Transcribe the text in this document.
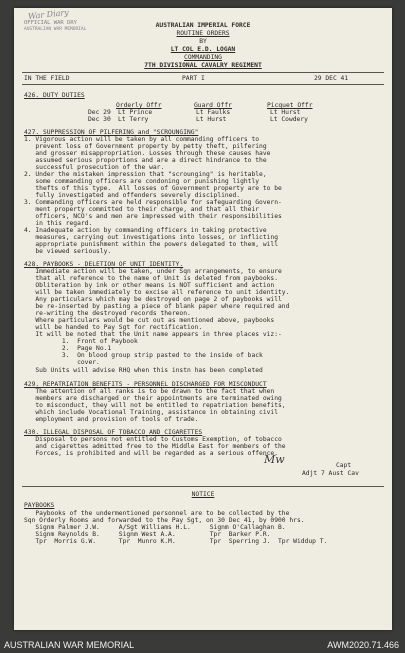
War Diary
OFFICIAL WAR DRY
AUSTRALIAN WAR MEMORIAL
AUSTRALIAN IMPERIAL FORCE
ROUTINE ORDERS
BY
LT COL E.D. LOGAN
COMMANDING
7TH DIVISIONAL CAVALRY REGIMENT
IN THE FIELD	PART I	29 DEC 41
426. DUTY DUTIES
Orderly Offr	Guard Offr	Picquet Offr
Dec 29 Lt Prince	Lt Faulks	Lt Hurst
Dec 30 Lt Terry	Lt Hurst	Lt Cowdery
427. SUPPRESSION OF PILFERING and "SCROUNGING"
1. Vigorous action will be taken by all commanding officers to
prevent loss of Government property by petty theft, pilfering
and grosser misappropriation. Losses through these causes have
assumed serious proportions and are a direct hindrance to the
successful prosecution of the war.
2. Under the mistaken impression that "scrounging" is heritable,
some commanding officers are condoning or punishing lightly
thefts of this type.  All losses of Government property are to be
fully investigated and offenders severely disciplined.
3. Commanding officers are held responsible for safeguarding Govern-
ment property committed to their charge, and that all their
officers, NCO's and men are impressed with their responsibilities
in this regard.
4. Inadequate action by commanding officers in taking protective
measures, carrying out investigations into losses, or inflicting
appropriate punishment within the powers delegated to them, will
be viewed seriously.
428. PAYBOOKS - DELETION OF UNIT IDENTITY.
Immediate action will be taken, under Sqn arrangements, to ensure
that all reference to the name of Unit is deleted from paybooks.
Obliteration by ink or other means is NOT sufficient and action
will be taken immediately to excise all reference to unit identity.
Any particulars which may be destroyed on page 2 of paybooks will
be re-inserted by pasting a piece of blank paper where required and
re-writing the destroyed records thereon.
Where particulars would be cut out as mentioned above, paybooks
will be handed to Pay Sgt for rectification.
It will be noted that the Unit name appears in three places viz:-
1.  Front of Paybook
2.  Page No.1
3.  On blood group strip pasted to the inside of back
cover.
Sub Units will advise RHQ when this instn has been completed
429. REPATRIATION BENEFITS - PERSONNEL DISCHARGED FOR MISCONDUCT
The attention of all ranks is to be drawn to the fact that when
members are discharged or their appointments are terminated owing
to misconduct, they will not be entitled to repatriation benefits,
which include Vocational Training, assistance in obtaining civil
employment and provision of tools of trade.
430. ILLEGAL DISPOSAL OF TOBACCO AND CIGARETTES
Disposal to persons not entitled to Customs Exemption, of tobacco
and cigarettes admitted free to the Middle East for members of the
Forces, is prohibited and will be regarded as a serious offence.
Mw	Capt
Adjt 7 Aust Cav
NOTICE
PAYBOOKS
Paybooks of the undermentioned personnel are to be collected by the
Sqn Orderly Rooms and forwarded to the Pay Sgt, on 30 Dec 41, by 0900 hrs.
Signm Palmer J.W.     A/Sgt Williams H.L.     Signm O'Callaghan B.
Signm Reynolds B.     Signm West A.A.         Tpr  Barker P.R.
Tpr  Morris G.W.      Tpr  Munro K.M.         Tpr  Sperring J.  Tpr Widdup T.
AUSTRALIAN WAR MEMORIAL	AWM2020.71.466
